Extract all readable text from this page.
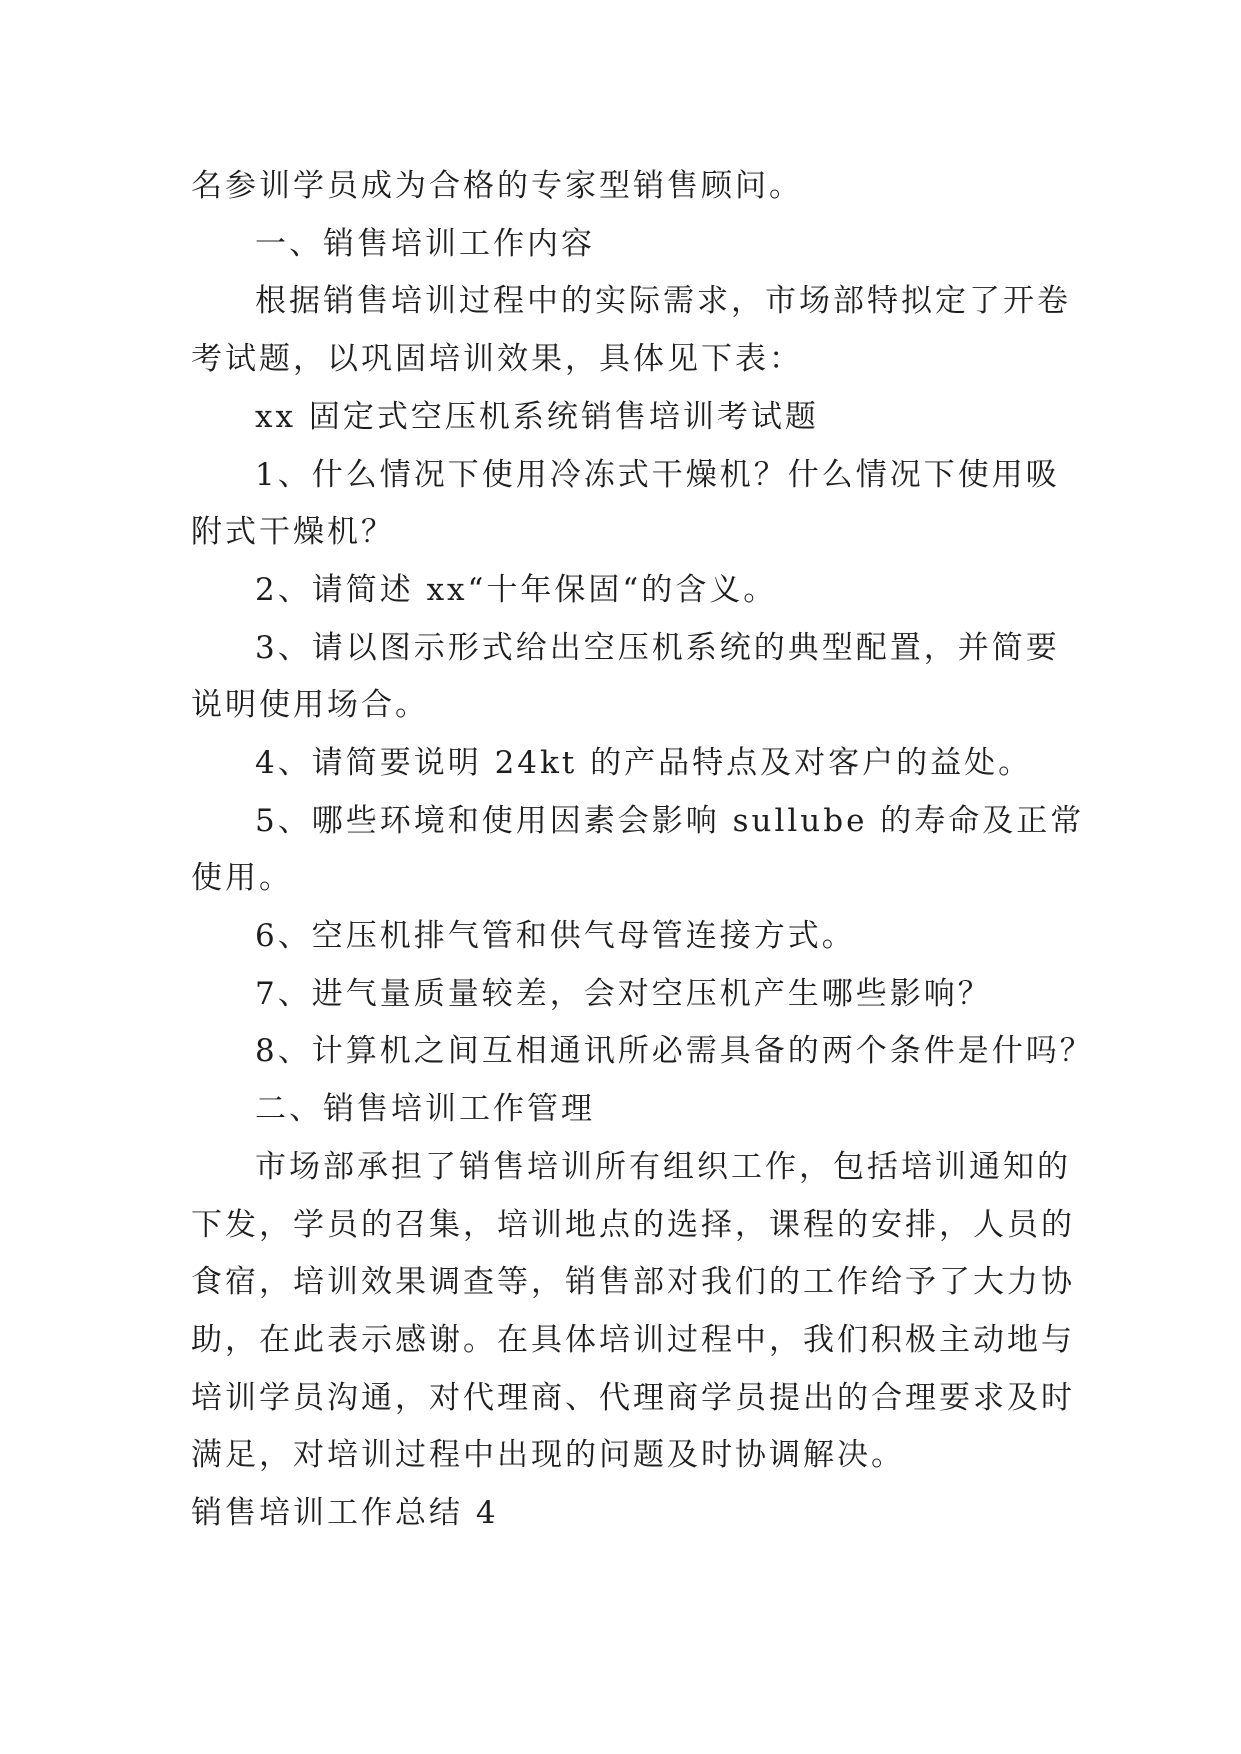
名参训学员成为合格的专家型销售顾问。
一、销售培训工作内容
根据销售培训过程中的实际需求，市场部特拟定了开卷
考试题，以巩固培训效果，具体见下表：
xx 固定式空压机系统销售培训考试题
1、什么情况下使用冷冻式干燥机？什么情况下使用吸
附式干燥机？
2、请简述 xx“十年保固“的含义。
3、请以图示形式给出空压机系统的典型配置，并简要
说明使用场合。
4、请简要说明 24kt 的产品特点及对客户的益处。
5、哪些环境和使用因素会影响 sullube 的寿命及正常
使用。
6、空压机排气管和供气母管连接方式。
7、进气量质量较差，会对空压机产生哪些影响？
8、计算机之间互相通讯所必需具备的两个条件是什吗？
二、销售培训工作管理
市场部承担了销售培训所有组织工作，包括培训通知的
下发，学员的召集，培训地点的选择，课程的安排，人员的
食宿，培训效果调查等，销售部对我们的工作给予了大力协
助，在此表示感谢。在具体培训过程中，我们积极主动地与
培训学员沟通，对代理商、代理商学员提出的合理要求及时
满足，对培训过程中出现的问题及时协调解决。
销售培训工作总结 4
